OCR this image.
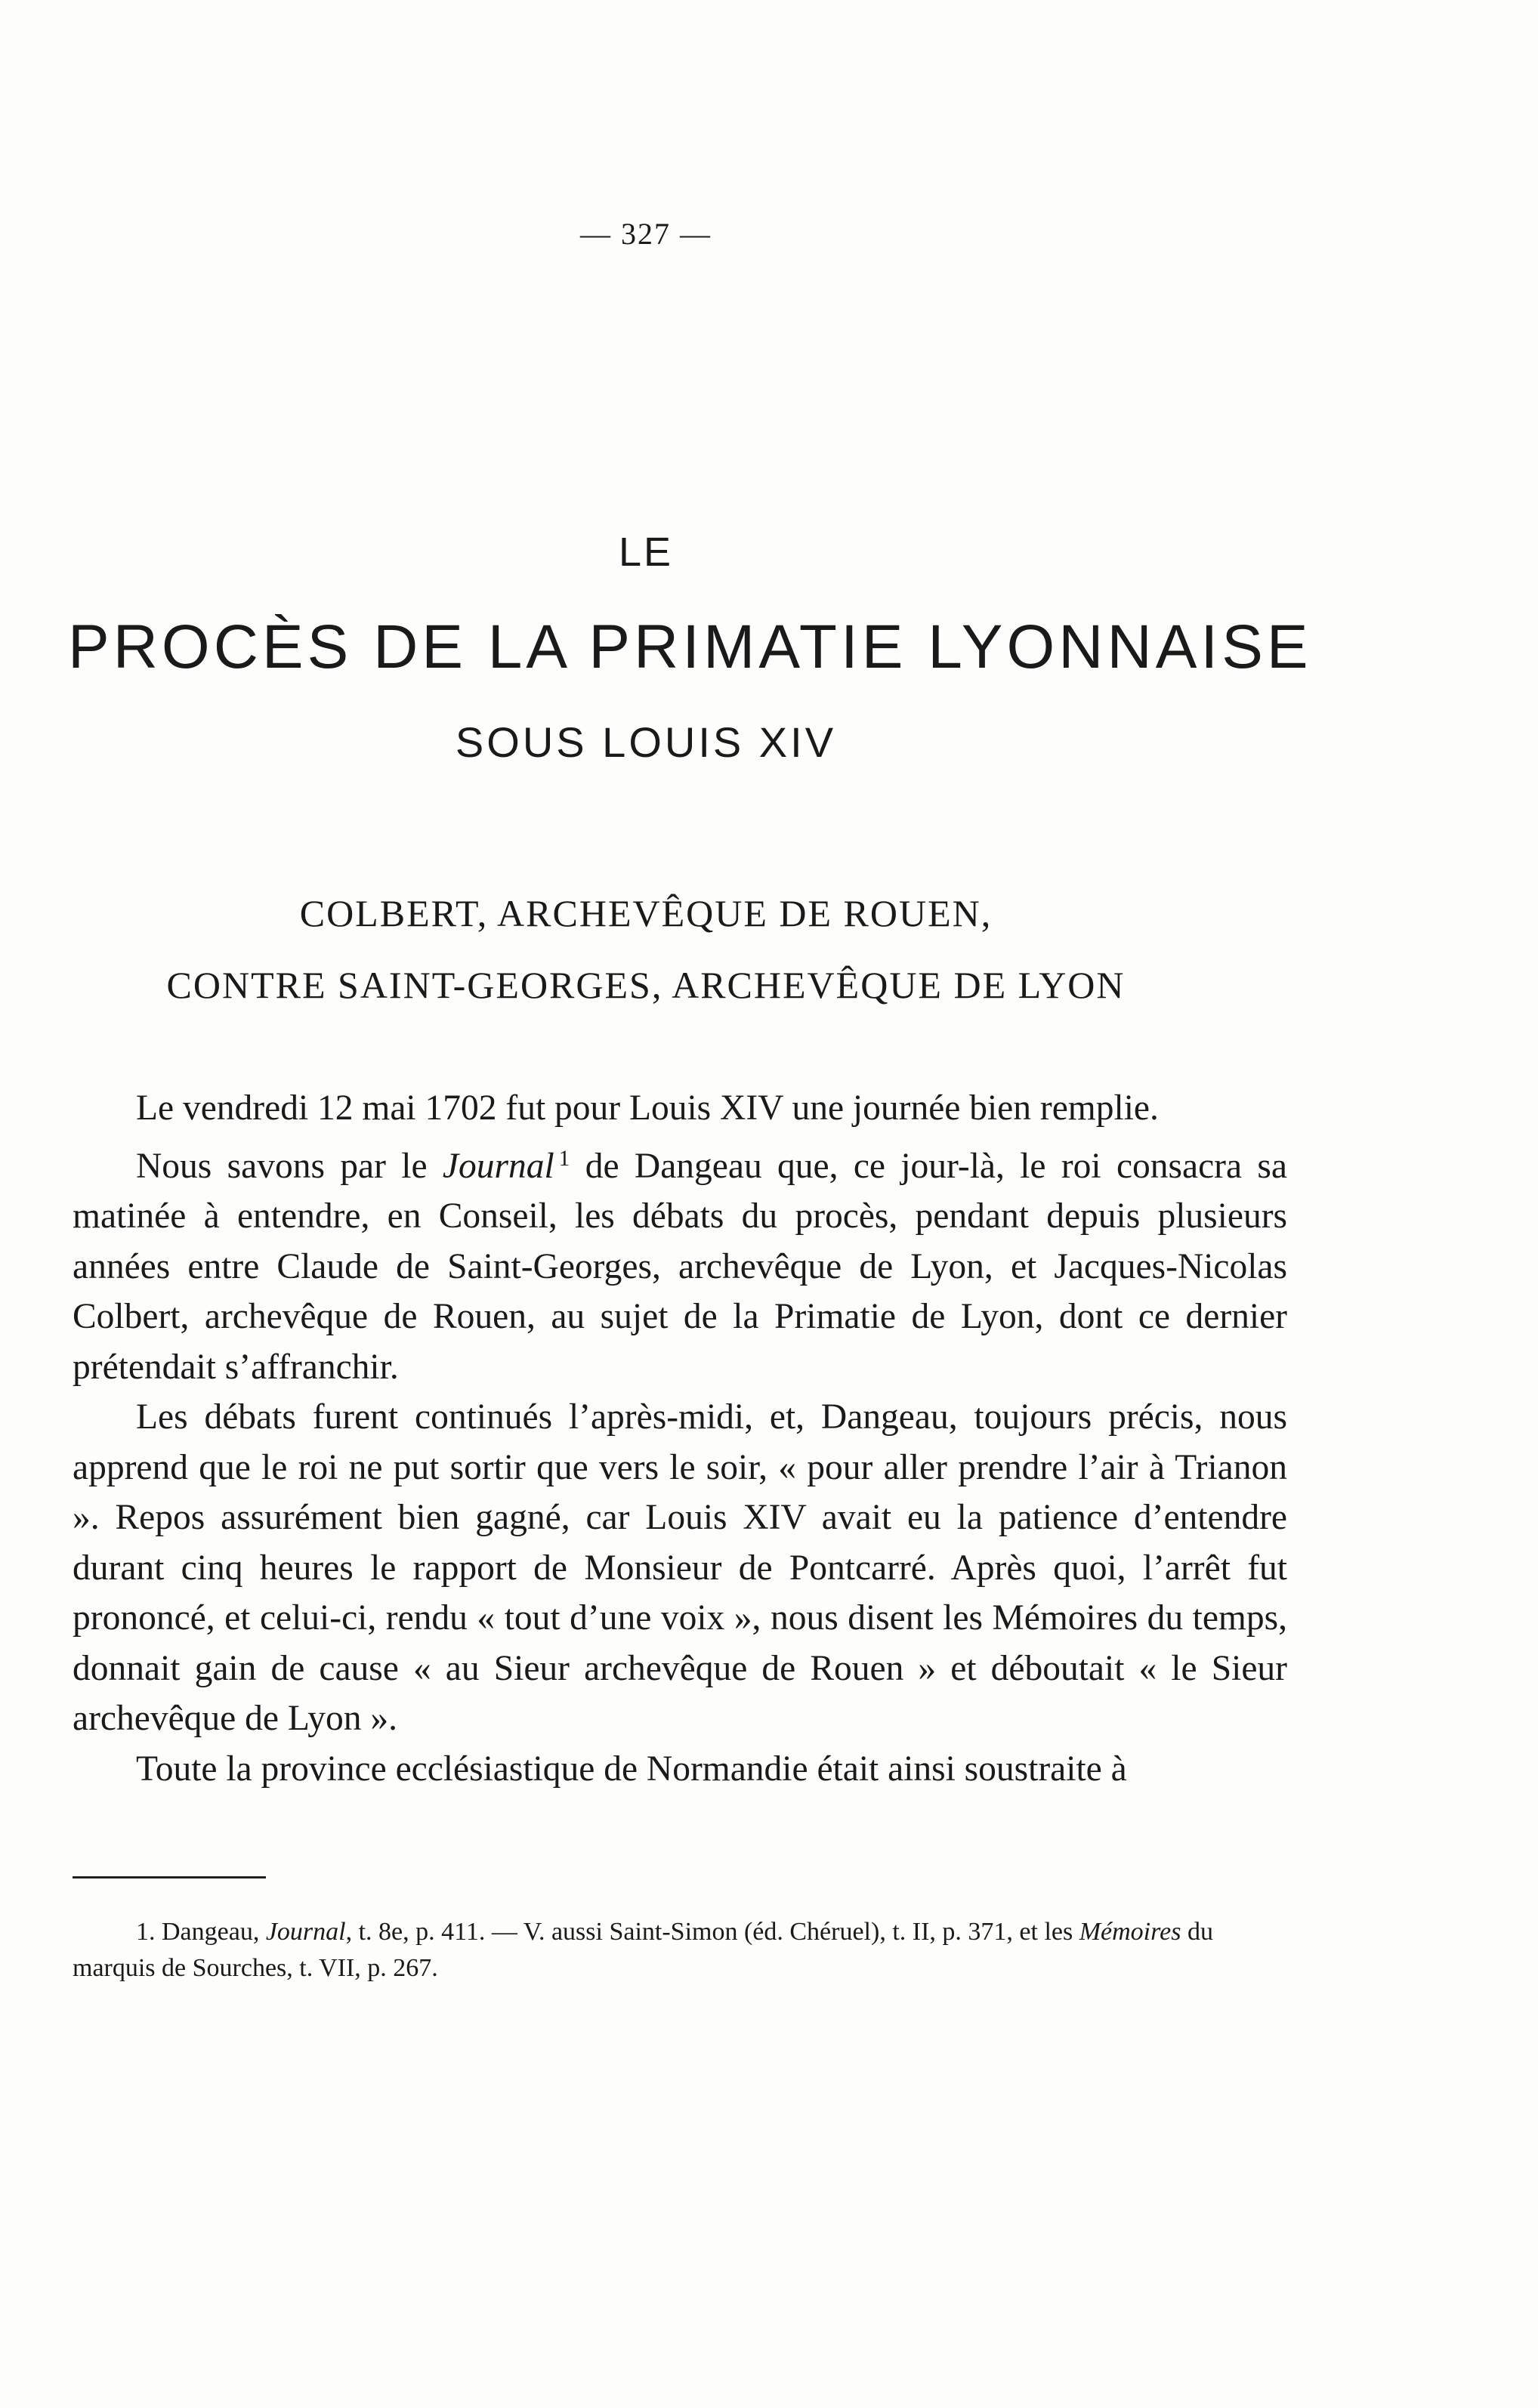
— 327 —
LE
PROCÈS DE LA PRIMATIE LYONNAISE
SOUS LOUIS XIV
COLBERT, ARCHEVÊQUE DE ROUEN,
CONTRE SAINT-GEORGES, ARCHEVÊQUE DE LYON

Le vendredi 12 mai 1702 fut pour Louis XIV une journée bien remplie.

Nous savons par le Journal $^1$ de Dangeau que, ce jour-là, le roi consacra sa matinée à entendre, en Conseil, les débats du procès, pendant depuis plusieurs années entre Claude de Saint-Georges, archevêque de Lyon, et Jacques-Nicolas Colbert, archevêque de Rouen, au sujet de la Primatie de Lyon, dont ce dernier prétendait s’affranchir.

Les débats furent continués l’après-midi, et, Dangeau, toujours précis, nous apprend que le roi ne put sortir que vers le soir, « pour aller prendre l’air à Trianon ». Repos assurément bien gagné, car Louis XIV avait eu la patience d’entendre durant cinq heures le rapport de Monsieur de Pontcarré. Après quoi, l’arrêt fut prononcé, et celui-ci, rendu « tout d’une voix », nous disent les Mémoires du temps, donnait gain de cause « au Sieur archevêque de Rouen » et déboutait « le Sieur archevêque de Lyon ».

Toute la province ecclésiastique de Normandie était ainsi soustraite à

1. Dangeau, Journal, t. 8e, p. 411. — V. aussi Saint-Simon (éd. Chéruel), t. II, p. 371, et les Mémoires du marquis de Sourches, t. VII, p. 267.
